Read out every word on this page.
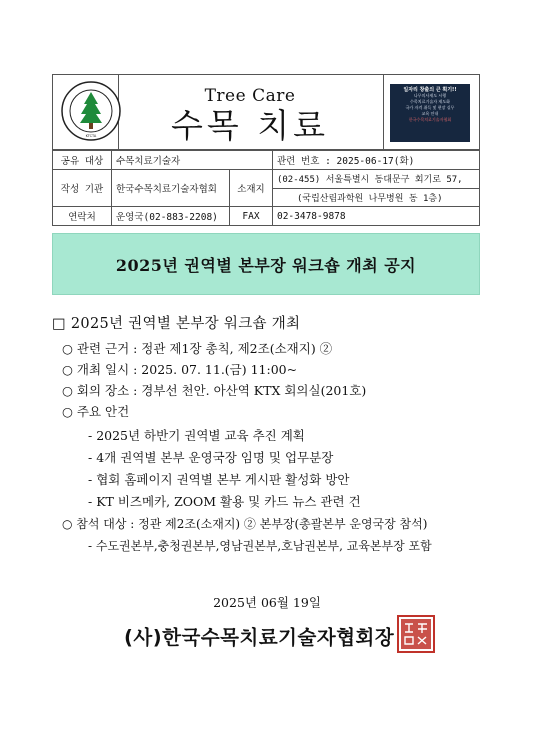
KTCTA
Tree Care
수목 치료
일자리 창출의 큰 획기!!
나무의사제도 시행
수목치료기술자 제도화
국가 자격 취득 및 현장 실무
교육 안내
한국수목치료기술자협회
공유 대상	수목치료기술자		관련 번호 : 2025-06-17(화)
작성 기관	한국수목치료기술자협회	소재지	(02-455) 서울특별시 동대문구 회기로 57,
			(국립산림과학원 나무병원 동 1층)
연락처	운영국(02-883-2208)	FAX	02-3478-9878
2025년 권역별 본부장 워크숍 개최 공지
□ 2025년 권역별 본부장 워크숍 개최
○ 관련 근거 : 정관 제1장 총칙, 제2조(소재지) ②
○ 개최 일시 : 2025. 07. 11.(금) 11:00~
○ 회의 장소 : 경부선 천안. 아산역 KTX 회의실(201호)
○ 주요 안건
- 2025년 하반기 권역별 교육 추진 계획
- 4개 권역별 본부 운영국장 임명 및 업무분장
- 협회 홈페이지 권역별 본부 게시판 활성화 방안
- KT 비즈메카, ZOOM 활용 및 카드 뉴스 관련 건
○ 참석 대상 : 정관 제2조(소재지) ② 본부장(총괄본부 운영국장 참석)
- 수도권본부,충청권본부,영남권본부,호남권본부, 교육본부장 포함
2025년 06월 19일
(사)한국수목치료기술자협회장
